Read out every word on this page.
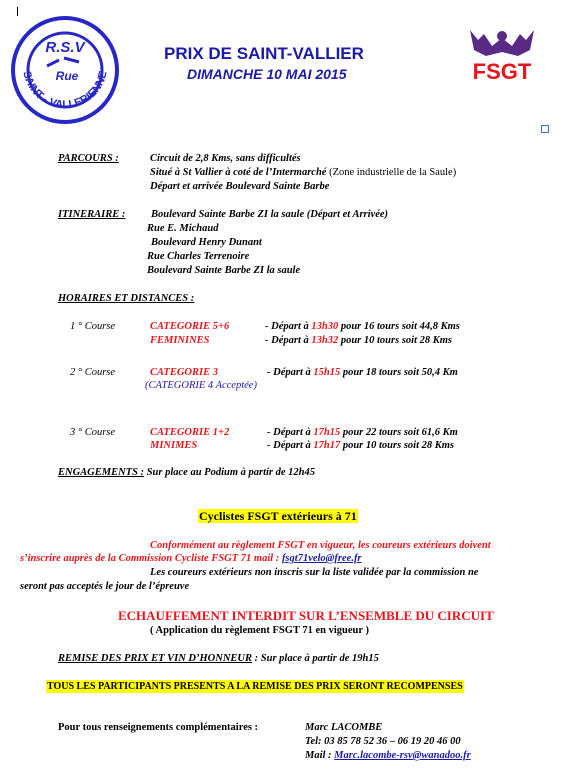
SAINT - VALLERIENNE
R.S.V
Rue
PRIX DE SAINT-VALLIER
DIMANCHE 10 MAI 2015	FSGT
PARCOURS :	Circuit de 2,8 Kms, sans difficultés
Situé à St Vallier à coté de l’Intermarché (Zone industrielle de la Saule)
Départ et arrivée Boulevard Sainte Barbe
ITINERAIRE : Boulevard Sainte Barbe ZI la saule (Départ et Arrivée)
Rue E. Michaud
Boulevard Henry Dunant
Rue Charles Terrenoire
Boulevard Sainte Barbe ZI la saule
HORAIRES ET DISTANCES :
1 ° Course	CATEGORIE 5+6	- Départ à 13h30 pour 16 tours soit 44,8 Kms
FEMININES	- Départ à 13h32 pour 10 tours soit 28 Kms
2 ° Course	CATEGORIE 3	- Départ à 15h15 pour 18 tours soit 50,4 Km
(CATEGORIE 4 Acceptée)
3 ° Course	CATEGORIE 1+2	- Départ à 17h15 pour 22 tours soit 61,6 Km
MINIMES	- Départ à 17h17 pour 10 tours soit 28 Kms
ENGAGEMENTS : Sur place au Podium à partir de 12h45
Cyclistes FSGT extérieurs à 71
Conformément au règlement FSGT en vigueur, les coureurs extérieurs doivent
s’inscrire auprès de la Commission Cycliste FSGT 71 mail : fsgt71velo@free.fr
Les coureurs extérieurs non inscris sur la liste validée par la commission ne
seront pas acceptés le jour de l’épreuve
ECHAUFFEMENT INTERDIT SUR L’ENSEMBLE DU CIRCUIT
( Application du règlement FSGT 71 en vigueur )
REMISE DES PRIX ET VIN D’HONNEUR : Sur place à partir de 19h15
TOUS LES PARTICIPANTS PRESENTS A LA REMISE DES PRIX SERONT RECOMPENSES
Pour tous renseignements complémentaires :	Marc LACOMBE
Tel: 03 85 78 52 36 – 06 19 20 46 00
Mail : Marc.lacombe-rsv@wanadoo.fr
